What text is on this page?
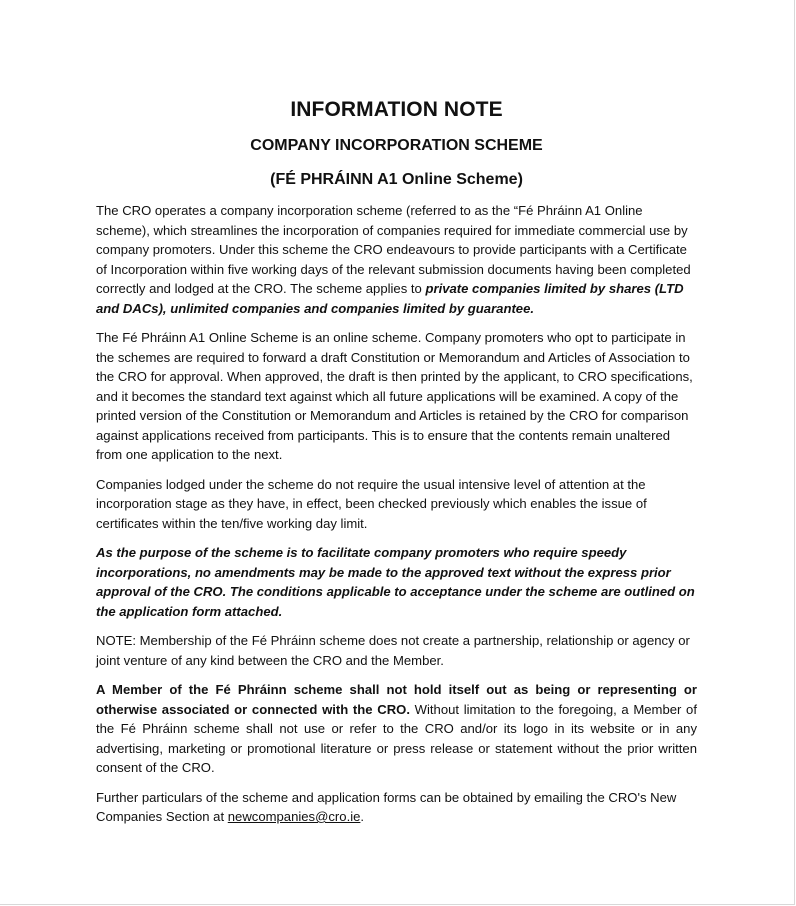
INFORMATION NOTE
COMPANY INCORPORATION SCHEME
(FÉ PHRÁINN A1 Online Scheme)

The CRO operates a company incorporation scheme (referred to as the “Fé Phráinn A1 Online scheme), which streamlines the incorporation of companies required for immediate commercial use by company promoters. Under this scheme the CRO endeavours to provide participants with a Certificate of Incorporation within five working days of the relevant submission documents having been completed correctly and lodged at the CRO. The scheme applies to private companies limited by shares (LTD and DACs), unlimited companies and companies limited by guarantee.

The Fé Phráinn A1 Online Scheme is an online scheme. Company promoters who opt to participate in the schemes are required to forward a draft Constitution or Memorandum and Articles of Association to the CRO for approval. When approved, the draft is then printed by the applicant, to CRO specifications, and it becomes the standard text against which all future applications will be examined. A copy of the printed version of the Constitution or Memorandum and Articles is retained by the CRO for comparison against applications received from participants. This is to ensure that the contents remain unaltered from one application to the next.

Companies lodged under the scheme do not require the usual intensive level of attention at the incorporation stage as they have, in effect, been checked previously which enables the issue of certificates within the ten/five working day limit.

As the purpose of the scheme is to facilitate company promoters who require speedy incorporations, no amendments may be made to the approved text without the express prior approval of the CRO. The conditions applicable to acceptance under the scheme are outlined on the application form attached.

NOTE: Membership of the Fé Phráinn scheme does not create a partnership, relationship or agency or joint venture of any kind between the CRO and the Member.

A Member of the Fé Phráinn scheme shall not hold itself out as being or representing or otherwise associated or connected with the CRO. Without limitation to the foregoing, a Member of the Fé Phráinn scheme shall not use or refer to the CRO and/or its logo in its website or in any advertising, marketing or promotional literature or press release or statement without the prior written consent of the CRO.

Further particulars of the scheme and application forms can be obtained by emailing the CRO's New Companies Section at newcompanies@cro.ie.
